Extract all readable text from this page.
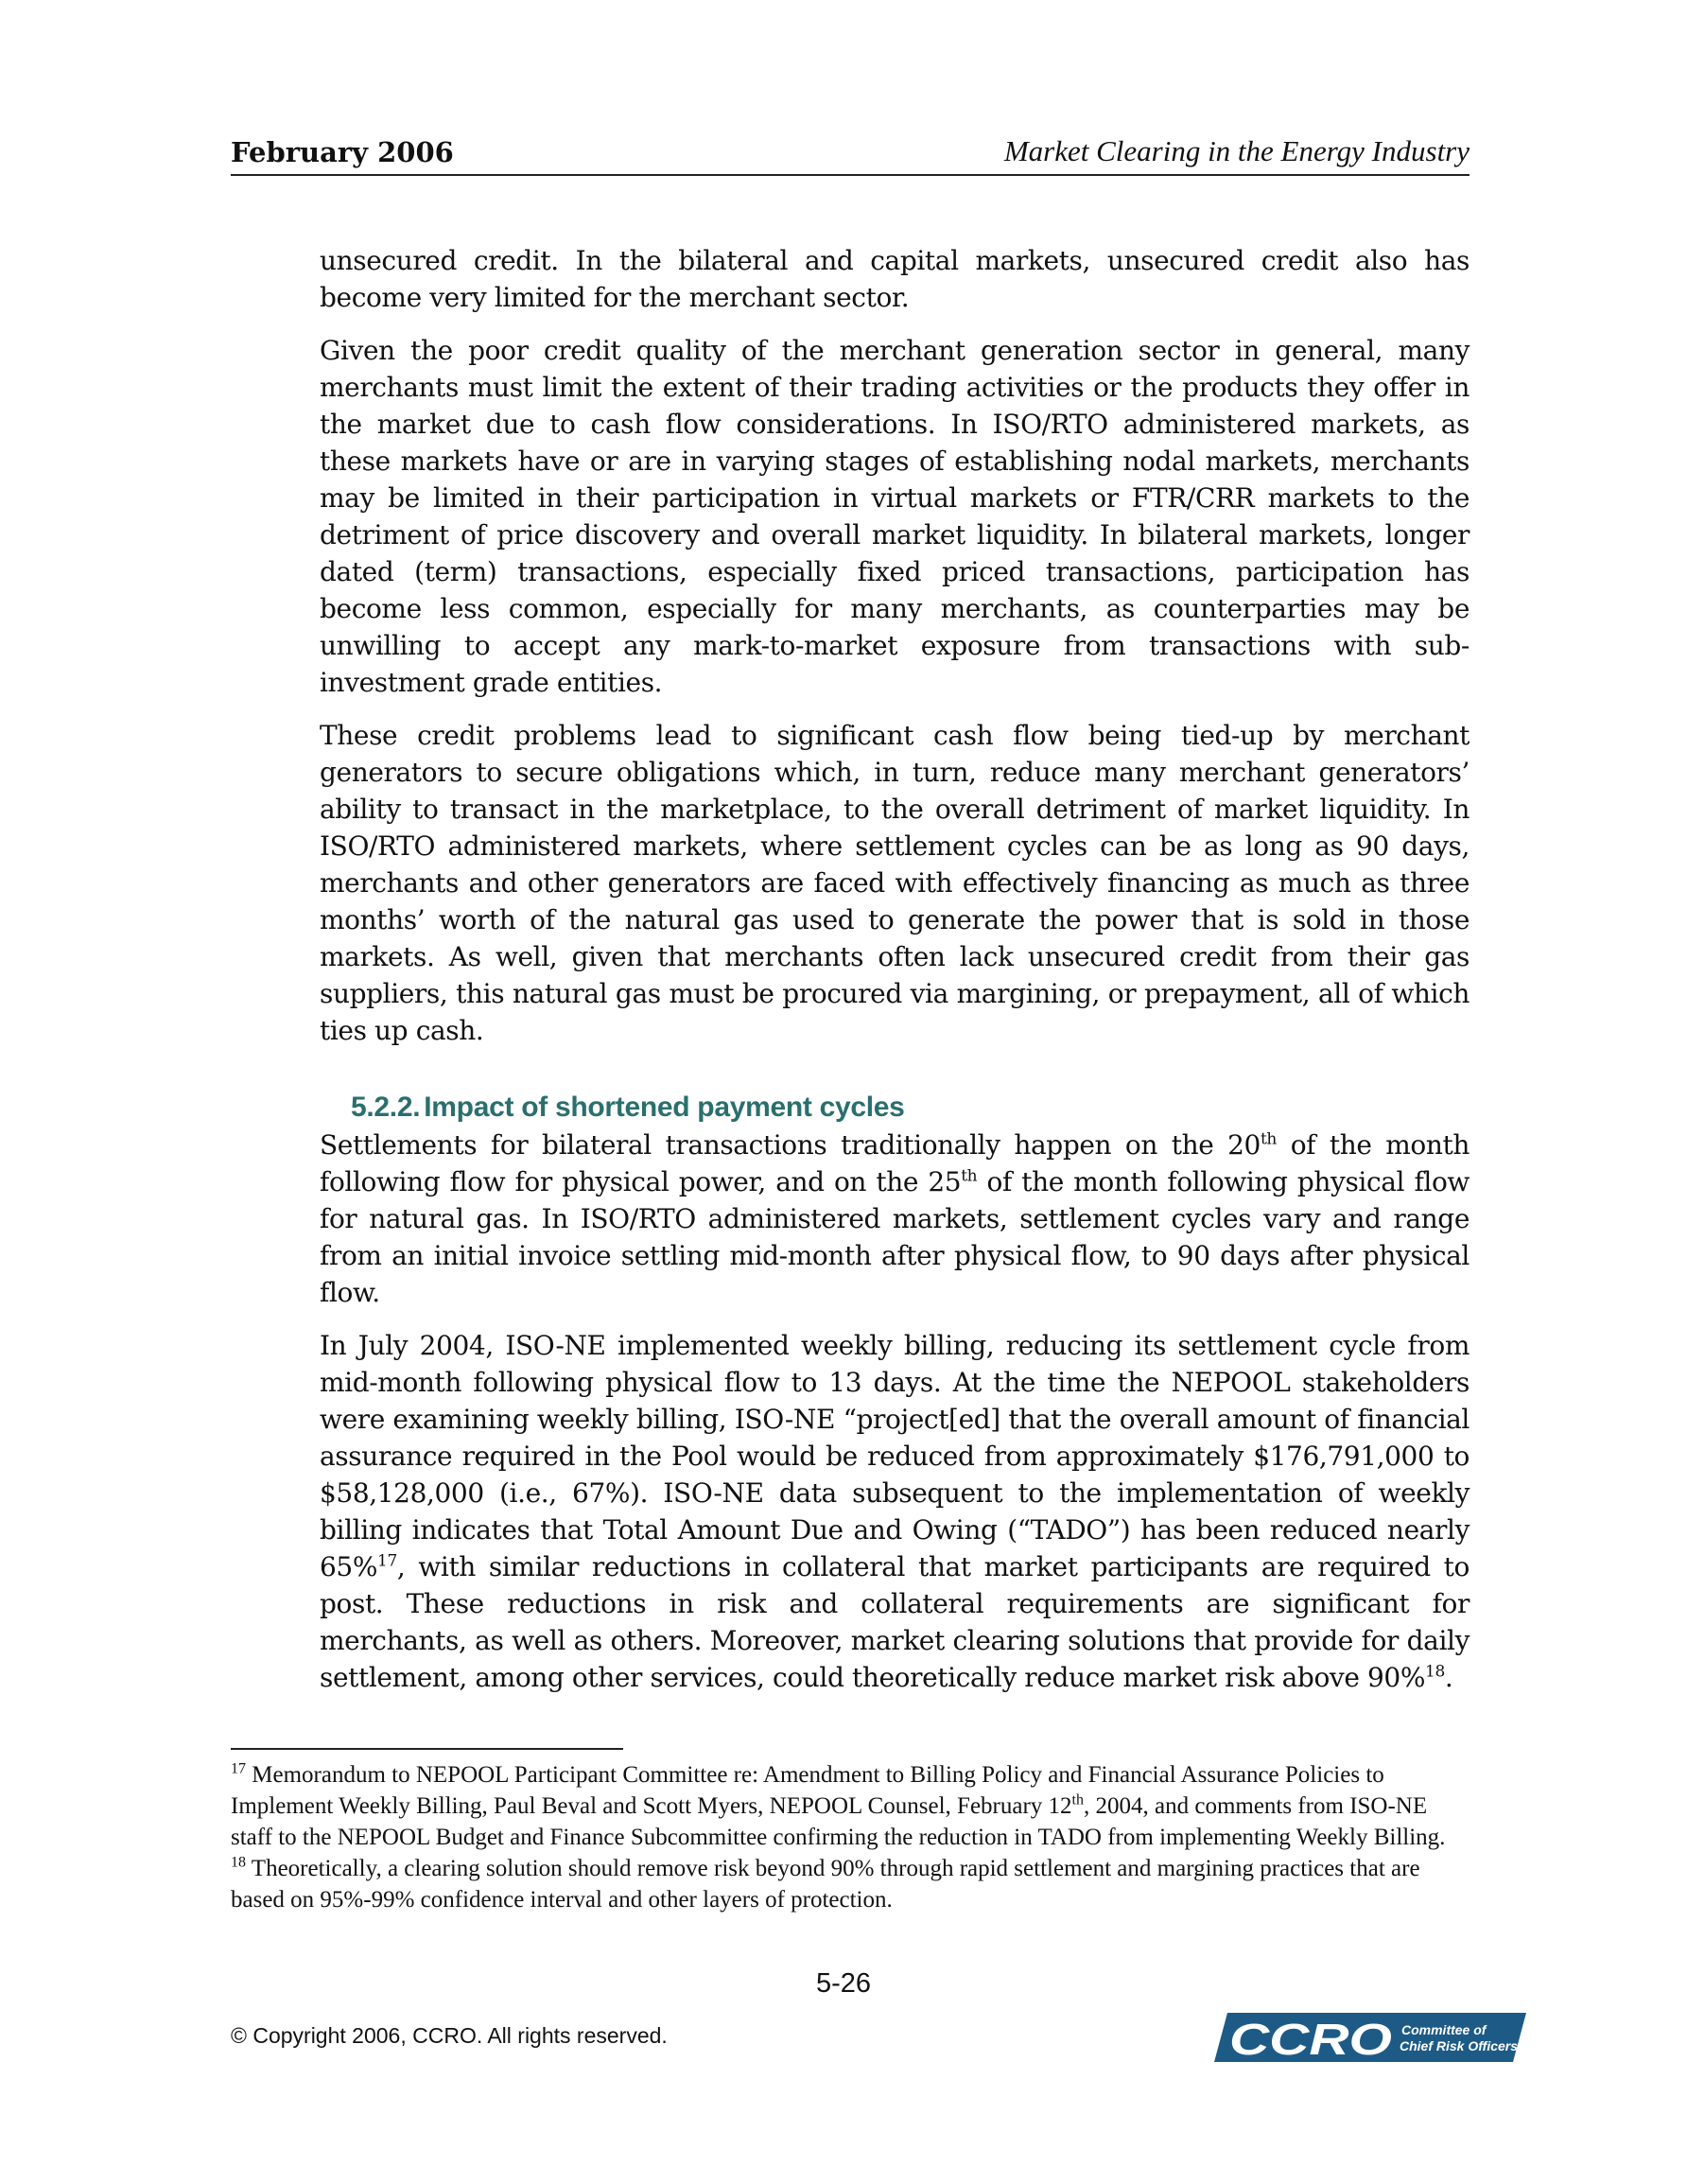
February 2006	Market Clearing in the Energy Industry

unsecured credit. In the bilateral and capital markets, unsecured credit also has become very limited for the merchant sector.

Given the poor credit quality of the merchant generation sector in general, many merchants must limit the extent of their trading activities or the products they offer in the market due to cash flow considerations. In ISO/RTO administered markets, as these markets have or are in varying stages of establishing nodal markets, merchants may be limited in their participation in virtual markets or FTR/CRR markets to the detriment of price discovery and overall market liquidity. In bilateral markets, longer dated (term) transactions, especially fixed priced transactions, participation has become less common, especially for many merchants, as counterparties may be unwilling to accept any mark-to-market exposure from transactions with sub-investment grade entities.

These credit problems lead to significant cash flow being tied-up by merchant generators to secure obligations which, in turn, reduce many merchant generators’ ability to transact in the marketplace, to the overall detriment of market liquidity. In ISO/RTO administered markets, where settlement cycles can be as long as 90 days, merchants and other generators are faced with effectively financing as much as three months’ worth of the natural gas used to generate the power that is sold in those markets. As well, given that merchants often lack unsecured credit from their gas suppliers, this natural gas must be procured via margining, or prepayment, all of which ties up cash.

5.2.2. Impact of shortened payment cycles

Settlements for bilateral transactions traditionally happen on the 20th of the month following flow for physical power, and on the 25th of the month following physical flow for natural gas. In ISO/RTO administered markets, settlement cycles vary and range from an initial invoice settling mid-month after physical flow, to 90 days after physical flow.

In July 2004, ISO-NE implemented weekly billing, reducing its settlement cycle from mid-month following physical flow to 13 days. At the time the NEPOOL stakeholders were examining weekly billing, ISO-NE “project[ed] that the overall amount of financial assurance required in the Pool would be reduced from approximately $176,791,000 to $58,128,000 (i.e., 67%). ISO-NE data subsequent to the implementation of weekly billing indicates that Total Amount Due and Owing (“TADO”) has been reduced nearly 65%$^{17}$, with similar reductions in collateral that market participants are required to post. These reductions in risk and collateral requirements are significant for merchants, as well as others. Moreover, market clearing solutions that provide for daily settlement, among other services, could theoretically reduce market risk above 90%$^{18}$.

$^{17}$ Memorandum to NEPOOL Participant Committee re: Amendment to Billing Policy and Financial Assurance Policies to Implement Weekly Billing, Paul Beval and Scott Myers, NEPOOL Counsel, February 12th, 2004, and comments from ISO-NE staff to the NEPOOL Budget and Finance Subcommittee confirming the reduction in TADO from implementing Weekly Billing.

$^{18}$ Theoretically, a clearing solution should remove risk beyond 90% through rapid settlement and margining practices that are based on 95%-99% confidence interval and other layers of protection.

5-26
© Copyright 2006, CCRO. All rights reserved.	CCRO Committee of
Chief Risk Officers
